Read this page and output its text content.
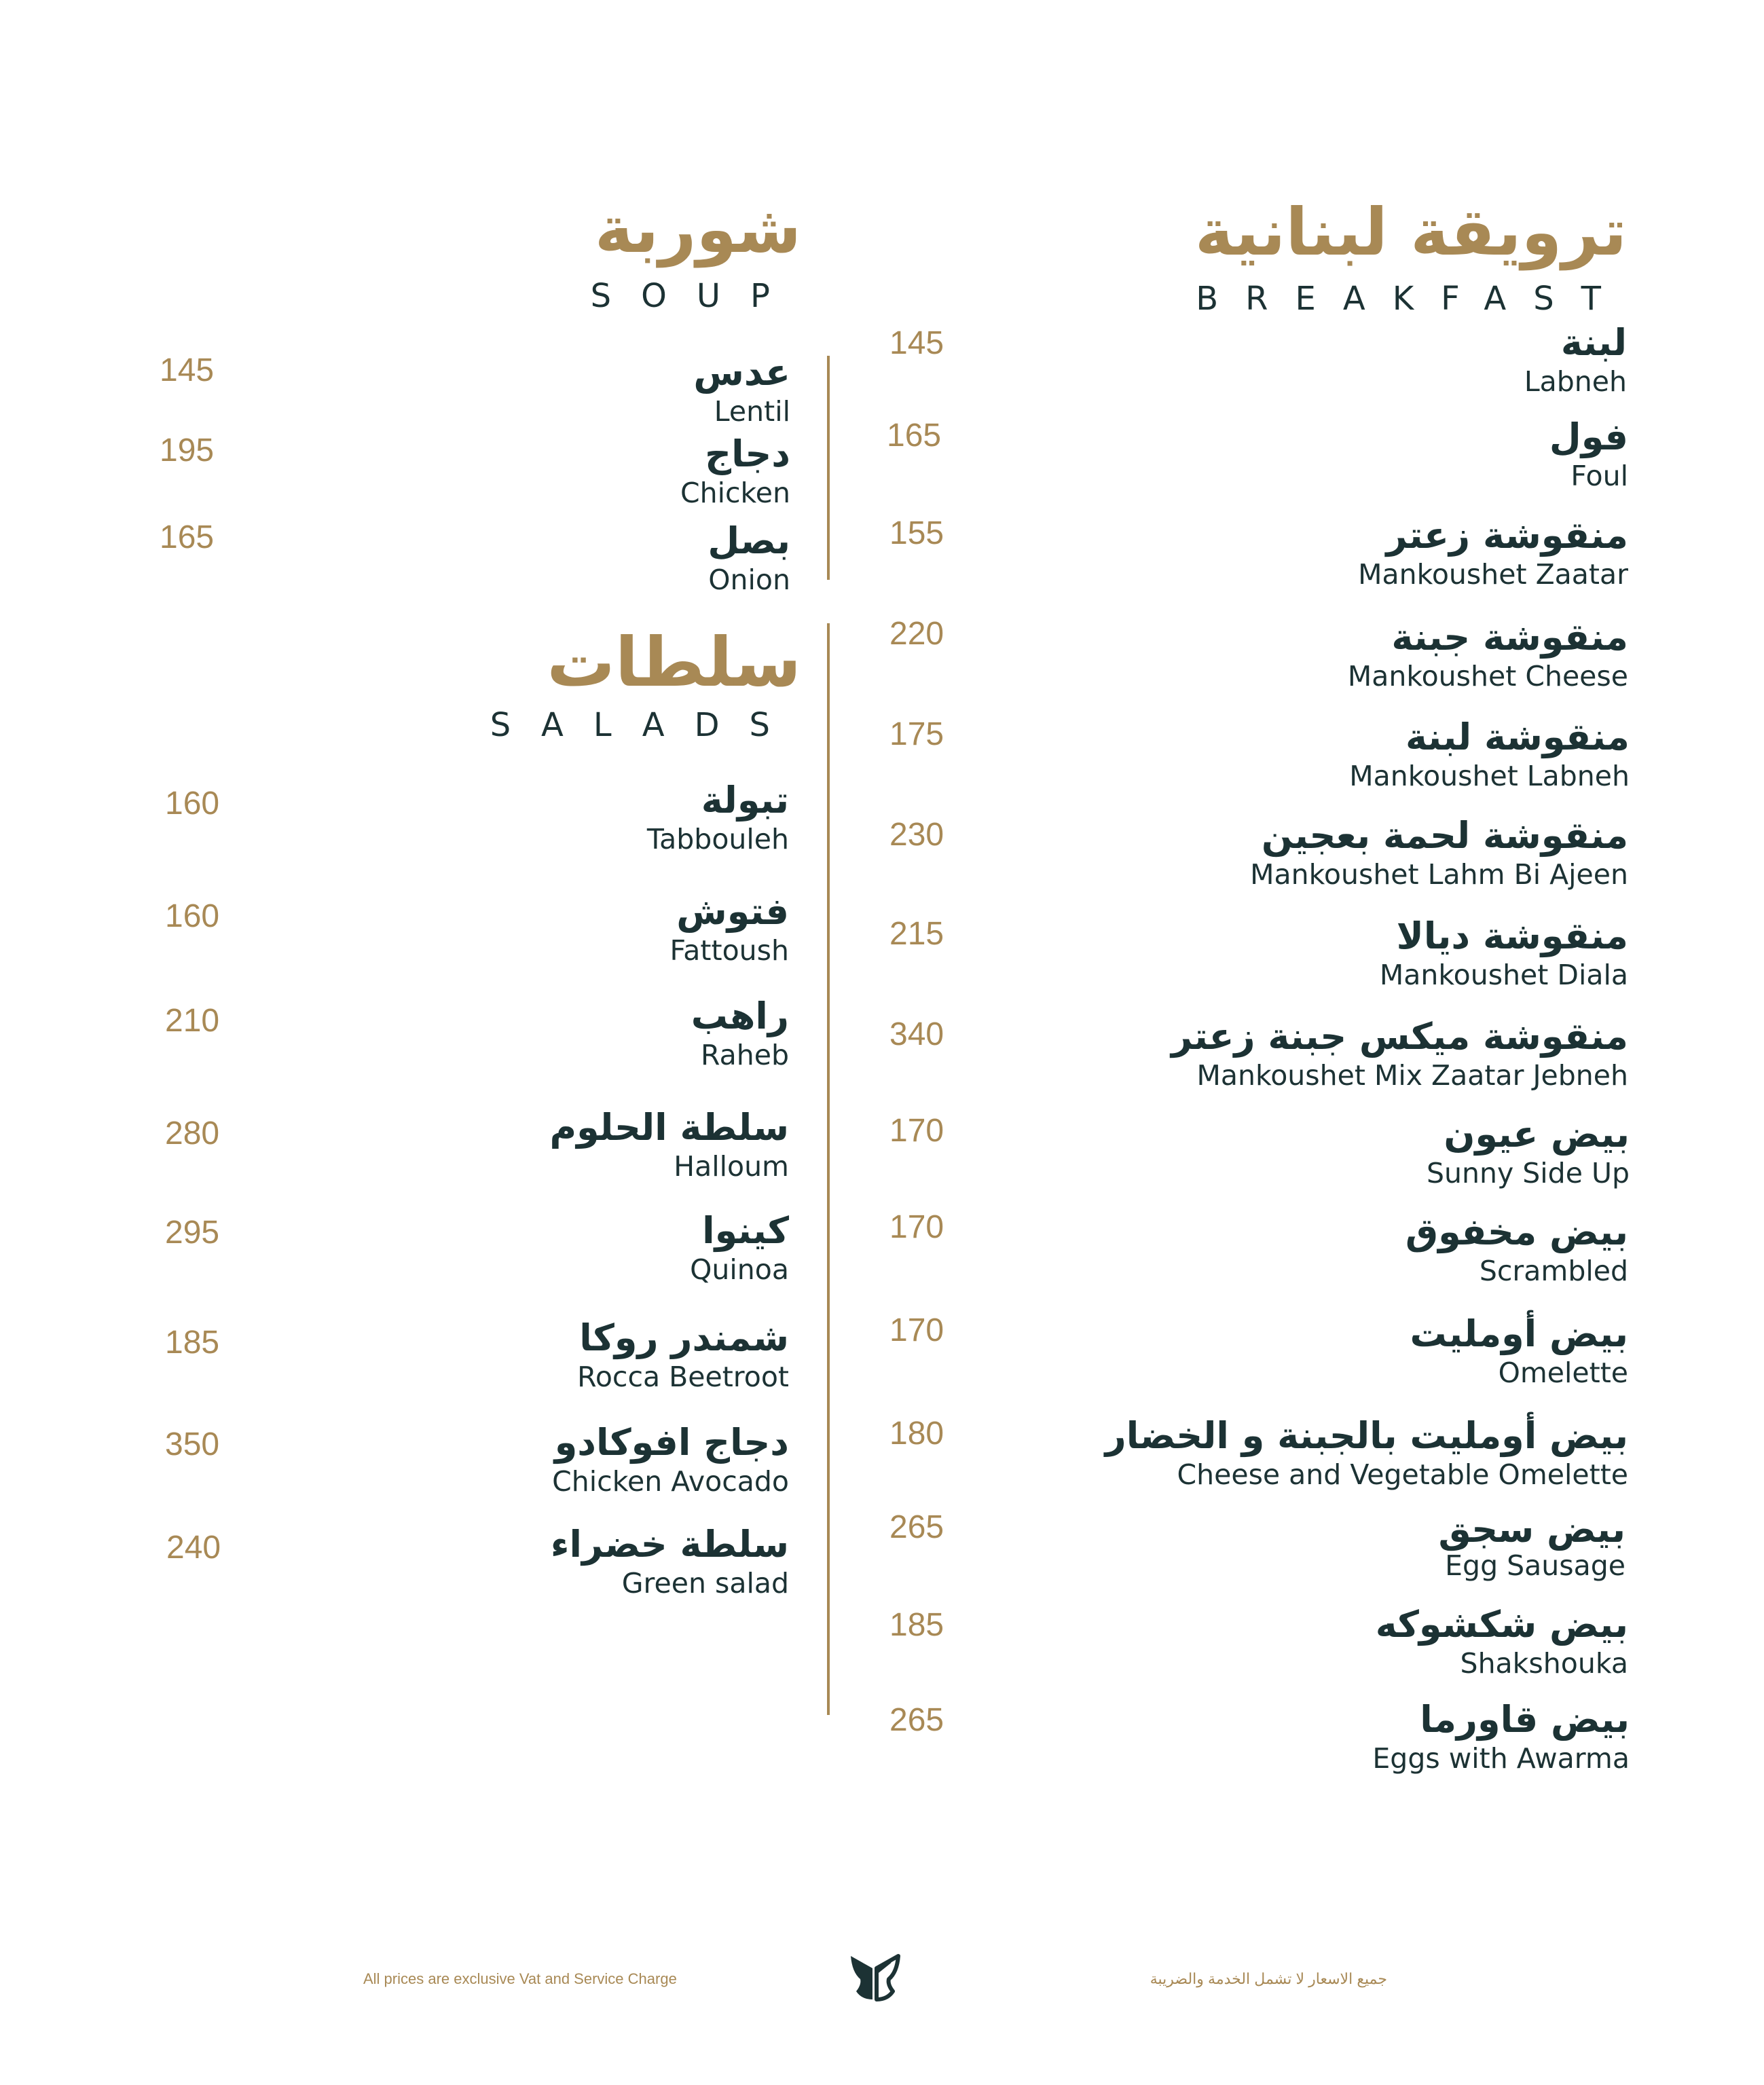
ترويقة لبنانية
BREAKFAST
لبنة
Labneh
145
فول
Foul
165
منقوشة زعتر
Mankoushet Zaatar
155
منقوشة جبنة
Mankoushet Cheese
220
منقوشة لبنة
Mankoushet Labneh
175
منقوشة لحمة بعجين
Mankoushet Lahm Bi Ajeen
230
منقوشة ديالا
Mankoushet Diala
215
منقوشة ميكس جبنة زعتر
Mankoushet Mix Zaatar Jebneh
340
بيض عيون
Sunny Side Up
170
بيض مخفوق
Scrambled
170
بيض أومليت
Omelette
170
بيض أومليت بالجبنة و الخضار
Cheese and Vegetable Omelette
180
بيض سجق
Egg Sausage
265
بيض شكشوكه
Shakshouka
185
بيض قاورما
Eggs with Awarma
265
شوربة
SOUP
عدس
Lentil
145
دجاج
Chicken
195
بصل
Onion
165
سلطات
SALADS
تبولة
Tabbouleh
160
فتوش
Fattoush
160
راهب
Raheb
210
سلطة الحلوم
Halloum
280
كينوا
Quinoa
295
شمندر روكا
Rocca Beetroot
185
دجاج افوكادو
Chicken Avocado
350
سلطة خضراء
Green salad
240
All prices are exclusive Vat and Service Charge	جميع الاسعار لا تشمل الخدمة والضريبة
